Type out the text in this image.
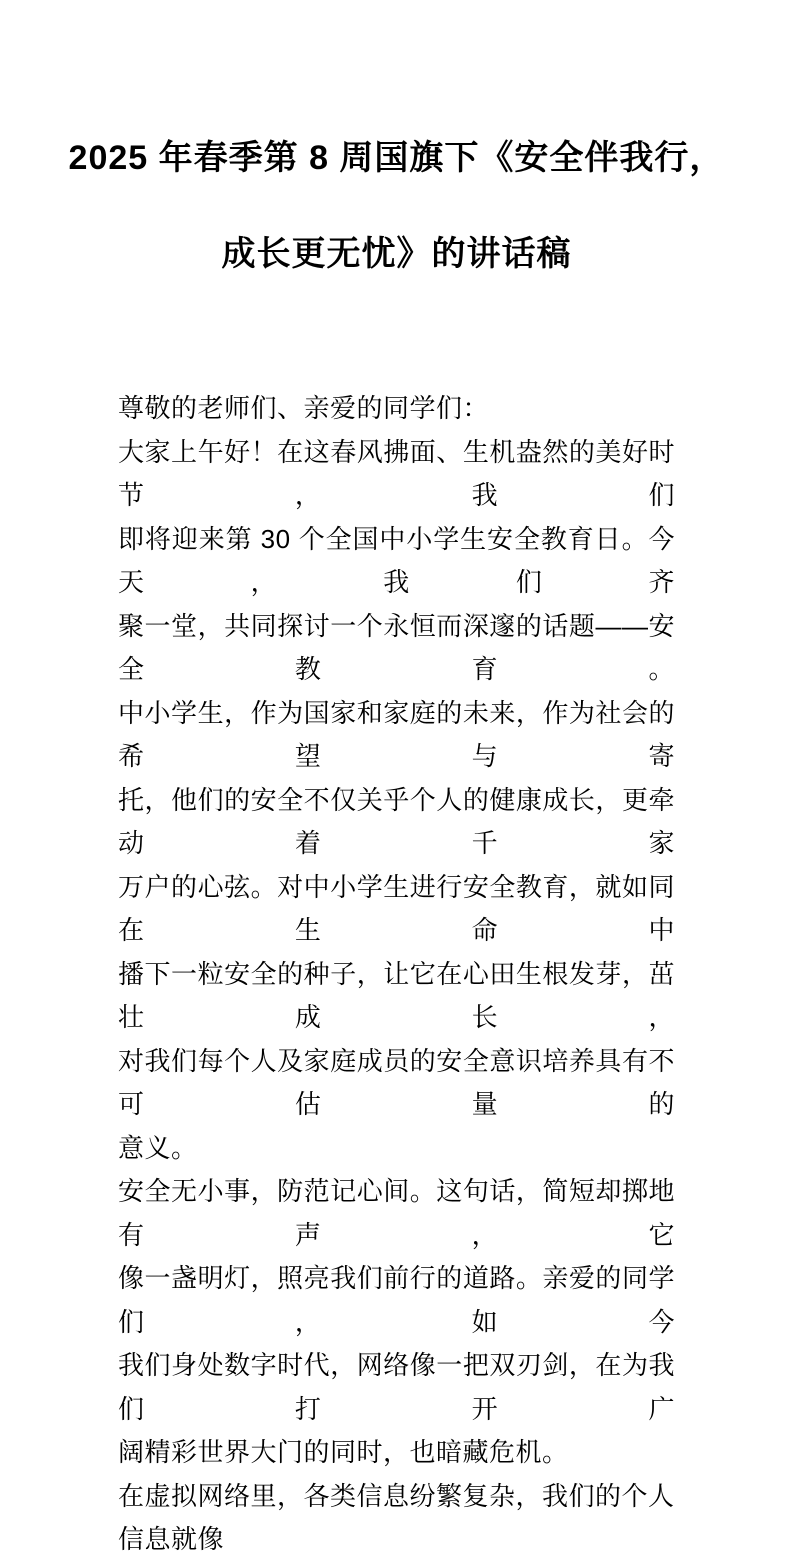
2025 年春季第 8 周国旗下《安全伴我行，
成长更无忧》的讲话稿
尊敬的老师们、亲爱的同学们：
大家上午好！在这春风拂面、生机盎然的美好时节，我们
即将迎来第 30 个全国中小学生安全教育日。今天，我们齐
聚一堂，共同探讨一个永恒而深邃的话题——安全教育。
中小学生，作为国家和家庭的未来，作为社会的希望与寄
托，他们的安全不仅关乎个人的健康成长，更牵动着千家
万户的心弦。对中小学生进行安全教育，就如同在生命中
播下一粒安全的种子，让它在心田生根发芽，茁壮成长，
对我们每个人及家庭成员的安全意识培养具有不可估量的
意义。
安全无小事，防范记心间。这句话，简短却掷地有声，它
像一盏明灯，照亮我们前行的道路。亲爱的同学们，如今
我们身处数字时代，网络像一把双刃剑，在为我们打开广
阔精彩世界大门的同时，也暗藏危机。
在虚拟网络里，各类信息纷繁复杂，我们的个人信息就像
